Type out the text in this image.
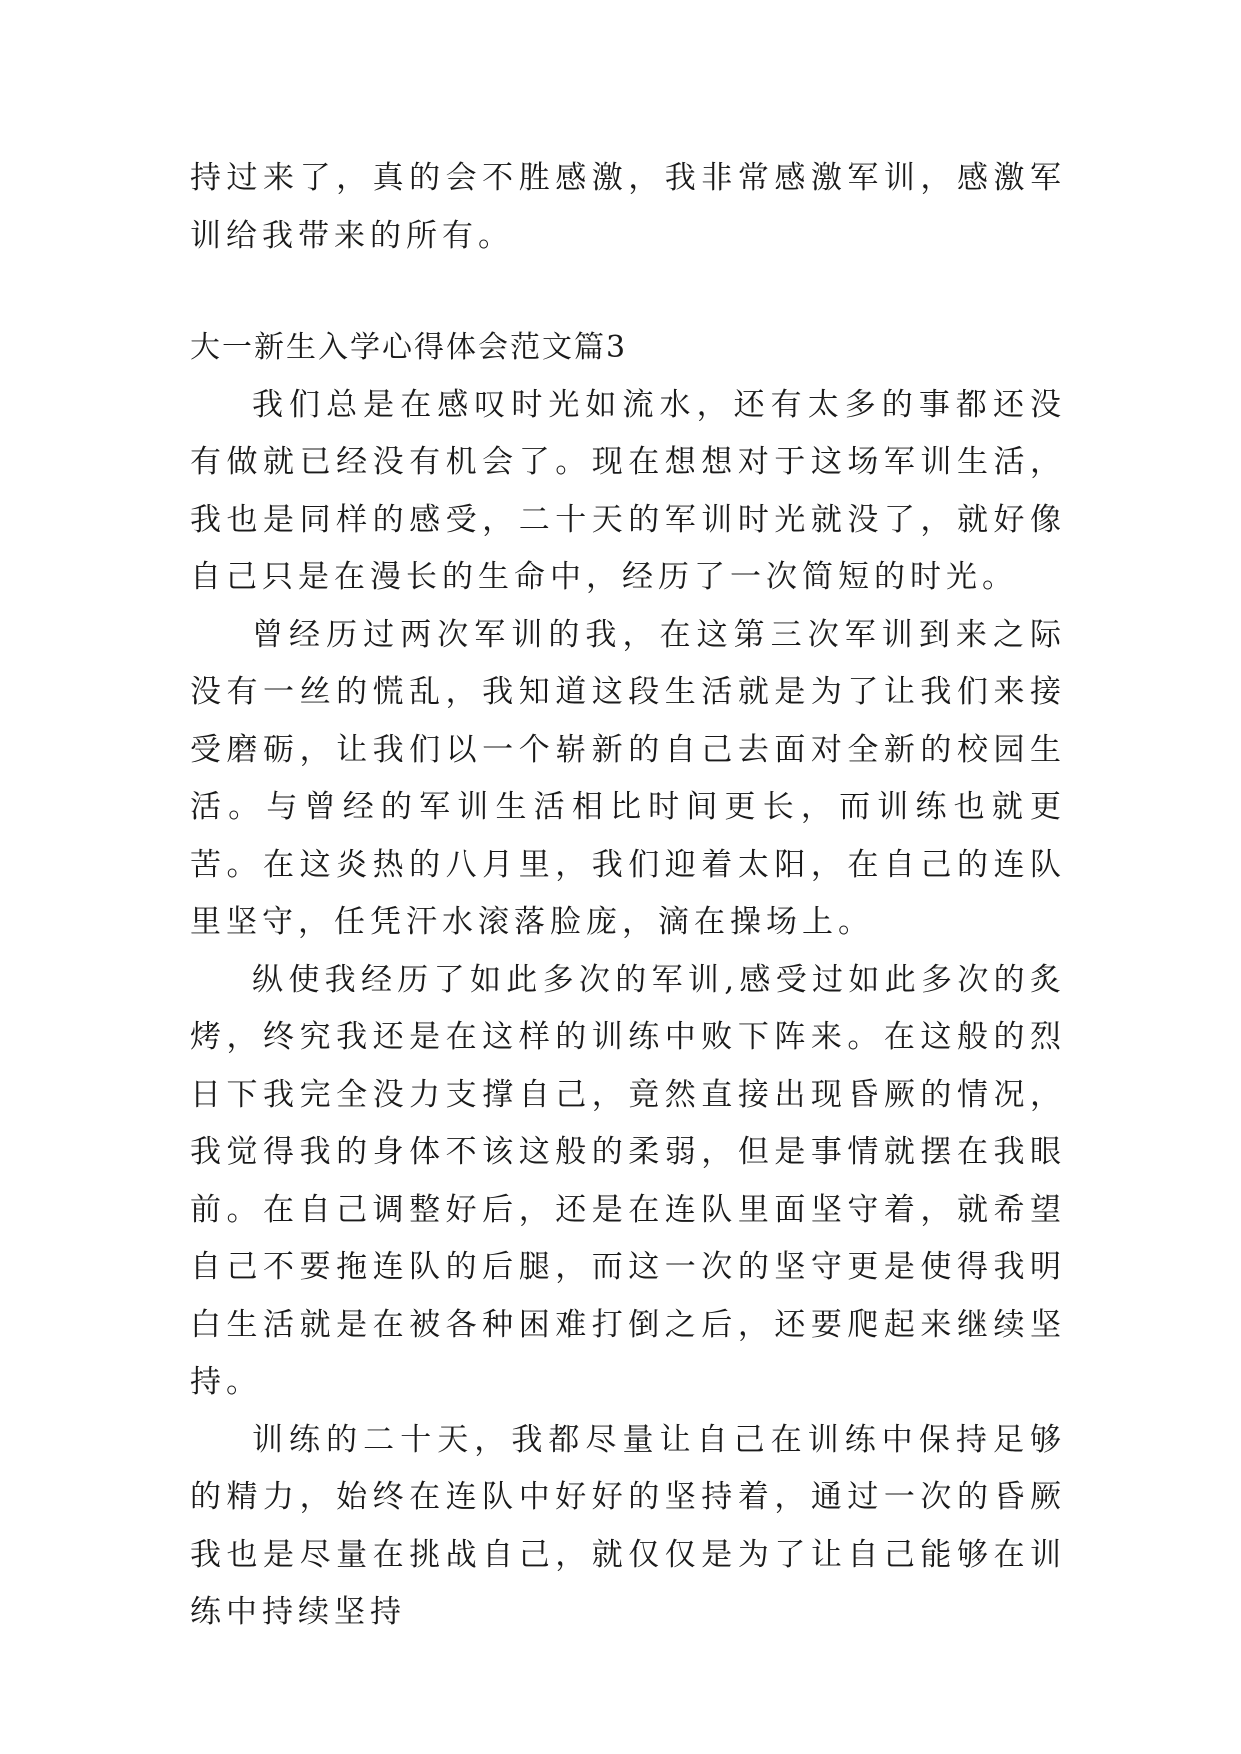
持过来了，真的会不胜感激，我非常感激军训，感激军训给我带来的所有。

大一新生入学心得体会范文篇3

我们总是在感叹时光如流水，还有太多的事都还没有做就已经没有机会了。现在想想对于这场军训生活，我也是同样的感受，二十天的军训时光就没了，就好像自己只是在漫长的生命中，经历了一次简短的时光。

曾经历过两次军训的我，在这第三次军训到来之际没有一丝的慌乱，我知道这段生活就是为了让我们来接受磨砺，让我们以一个崭新的自己去面对全新的校园生活。与曾经的军训生活相比时间更长，而训练也就更苦。在这炎热的八月里，我们迎着太阳，在自己的连队里坚守，任凭汗水滚落脸庞，滴在操场上。

纵使我经历了如此多次的军训,感受过如此多次的炙烤，终究我还是在这样的训练中败下阵来。在这般的烈日下我完全没力支撑自己，竟然直接出现昏厥的情况，我觉得我的身体不该这般的柔弱，但是事情就摆在我眼前。在自己调整好后，还是在连队里面坚守着，就希望自己不要拖连队的后腿，而这一次的坚守更是使得我明白生活就是在被各种困难打倒之后，还要爬起来继续坚持。

训练的二十天，我都尽量让自己在训练中保持足够的精力，始终在连队中好好的坚持着，通过一次的昏厥我也是尽量在挑战自己，就仅仅是为了让自己能够在训练中持续坚持
